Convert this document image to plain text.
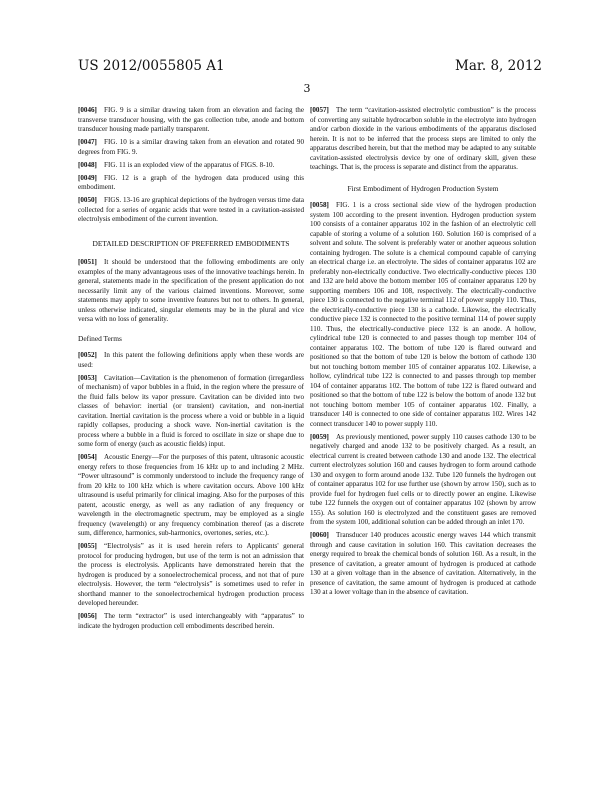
US 2012/0055805 A1	Mar. 8, 2012
3

[0046]  FIG. 9 is a similar drawing taken from an elevation and facing the transverse transducer housing, with the gas collection tube, anode and bottom transducer housing made partially transparent.

[0047]  FIG. 10 is a similar drawing taken from an elevation and rotated 90 degrees from FIG. 9.

[0048]  FIG. 11 is an exploded view of the apparatus of FIGS. 8-10.

[0049]  FIG. 12 is a graph of the hydrogen data produced using this embodiment.

[0050]  FIGS. 13-16 are graphical depictions of the hydrogen versus time data collected for a series of organic acids that were tested in a cavitation-assisted electrolysis embodiment of the current invention.

DETAILED DESCRIPTION OF PREFERRED EMBODIMENTS

[0051]  It should be understood that the following embodiments are only examples of the many advantageous uses of the innovative teachings herein. In general, statements made in the specification of the present application do not necessarily limit any of the various claimed inventions. Moreover, some statements may apply to some inventive features but not to others. In general, unless otherwise indicated, singular elements may be in the plural and vice versa with no loss of generality.

Defined Terms

[0052]  In this patent the following definitions apply when these words are used:

[0053]  Cavitation—Cavitation is the phenomenon of formation (irregardless of mechanism) of vapor bubbles in a fluid, in the region where the pressure of the fluid falls below its vapor pressure. Cavitation can be divided into two classes of behavior: inertial (or transient) cavitation, and non-inertial cavitation. Inertial cavitation is the process where a void or bubble in a liquid rapidly collapses, producing a shock wave. Non-inertial cavitation is the process where a bubble in a fluid is forced to oscillate in size or shape due to some form of energy (such as acoustic fields) input.

[0054]  Acoustic Energy—For the purposes of this patent, ultrasonic acoustic energy refers to those frequencies from 16 kHz up to and including 2 MHz. “Power ultrasound” is commonly understood to include the frequency range of from 20 kHz to 100 kHz which is where cavitation occurs. Above 100 kHz ultrasound is useful primarily for clinical imaging. Also for the purposes of this patent, acoustic energy, as well as any radiation of any frequency or wavelength in the electromagnetic spectrum, may be employed as a single frequency (wavelength) or any frequency combination thereof (as a discrete sum, difference, harmonics, sub-harmonics, overtones, series, etc.).

[0055]  “Electrolysis” as it is used herein refers to Applicants' general protocol for producing hydrogen, but use of the term is not an admission that the process is electrolysis. Applicants have demonstrated herein that the hydrogen is produced by a sonoelectrochemical process, and not that of pure electrolysis. However, the term “electrolysis” is sometimes used to refer in shorthand manner to the sonoelectrochemical hydrogen production process developed hereunder.

[0056]  The term “extractor” is used interchangeably with “apparatus” to indicate the hydrogen production cell embodiments described herein.

[0057]  The term “cavitation-assisted electrolytic combustion” is the process of converting any suitable hydrocarbon soluble in the electrolyte into hydrogen and/or carbon dioxide in the various embodiments of the apparatus disclosed herein. It is not to be inferred that the process steps are limited to only the apparatus described herein, but that the method may be adapted to any suitable cavitation-assisted electrolysis device by one of ordinary skill, given these teachings. That is, the process is separate and distinct from the apparatus.

First Embodiment of Hydrogen Production System

[0058]  FIG. 1 is a cross sectional side view of the hydrogen production system 100 according to the present invention. Hydrogen production system 100 consists of a container apparatus 102 in the fashion of an electrolytic cell capable of storing a volume of a solution 160. Solution 160 is comprised of a solvent and solute. The solvent is preferably water or another aqueous solution containing hydrogen. The solute is a chemical compound capable of carrying an electrical charge i.e. an electrolyte. The sides of container apparatus 102 are preferably non-electrically conductive. Two electrically-conductive pieces 130 and 132 are held above the bottom member 105 of container apparatus 120 by supporting members 106 and 108, respectively. The electrically-conductive piece 130 is connected to the negative terminal 112 of power supply 110. Thus, the electrically-conductive piece 130 is a cathode. Likewise, the electrically conductive piece 132 is connected to the positive terminal 114 of power supply 110. Thus, the electrically-conductive piece 132 is an anode. A hollow, cylindrical tube 120 is connected to and passes though top member 104 of container apparatus 102. The bottom of tube 120 is flared outward and positioned so that the bottom of tube 120 is below the bottom of cathode 130 but not touching bottom member 105 of container apparatus 102. Likewise, a hollow, cylindrical tube 122 is connected to and passes through top member 104 of container apparatus 102. The bottom of tube 122 is flared outward and positioned so that the bottom of tube 122 is below the bottom of anode 132 but not touching bottom member 105 of container apparatus 102. Finally, a transducer 140 is connected to one side of container apparatus 102. Wires 142 connect transducer 140 to power supply 110.

[0059]  As previously mentioned, power supply 110 causes cathode 130 to be negatively charged and anode 132 to be positively charged. As a result, an electrical current is created between cathode 130 and anode 132. The electrical current electrolyzes solution 160 and causes hydrogen to form around cathode 130 and oxygen to form around anode 132. Tube 120 funnels the hydrogen out of container apparatus 102 for use further use (shown by arrow 150), such as to provide fuel for hydrogen fuel cells or to directly power an engine. Likewise tube 122 funnels the oxygen out of container apparatus 102 (shown by arrow 155). As solution 160 is electrolyzed and the constituent gases are removed from the system 100, additional solution can be added through an inlet 170.

[0060]  Transducer 140 produces acoustic energy waves 144 which transmit through and cause cavitation in solution 160. This cavitation decreases the energy required to break the chemical bonds of solution 160. As a result, in the presence of cavitation, a greater amount of hydrogen is produced at cathode 130 at a given voltage than in the absence of cavitation. Alternatively, in the presence of cavitation, the same amount of hydrogen is produced at cathode 130 at a lower voltage than in the absence of cavitation.
